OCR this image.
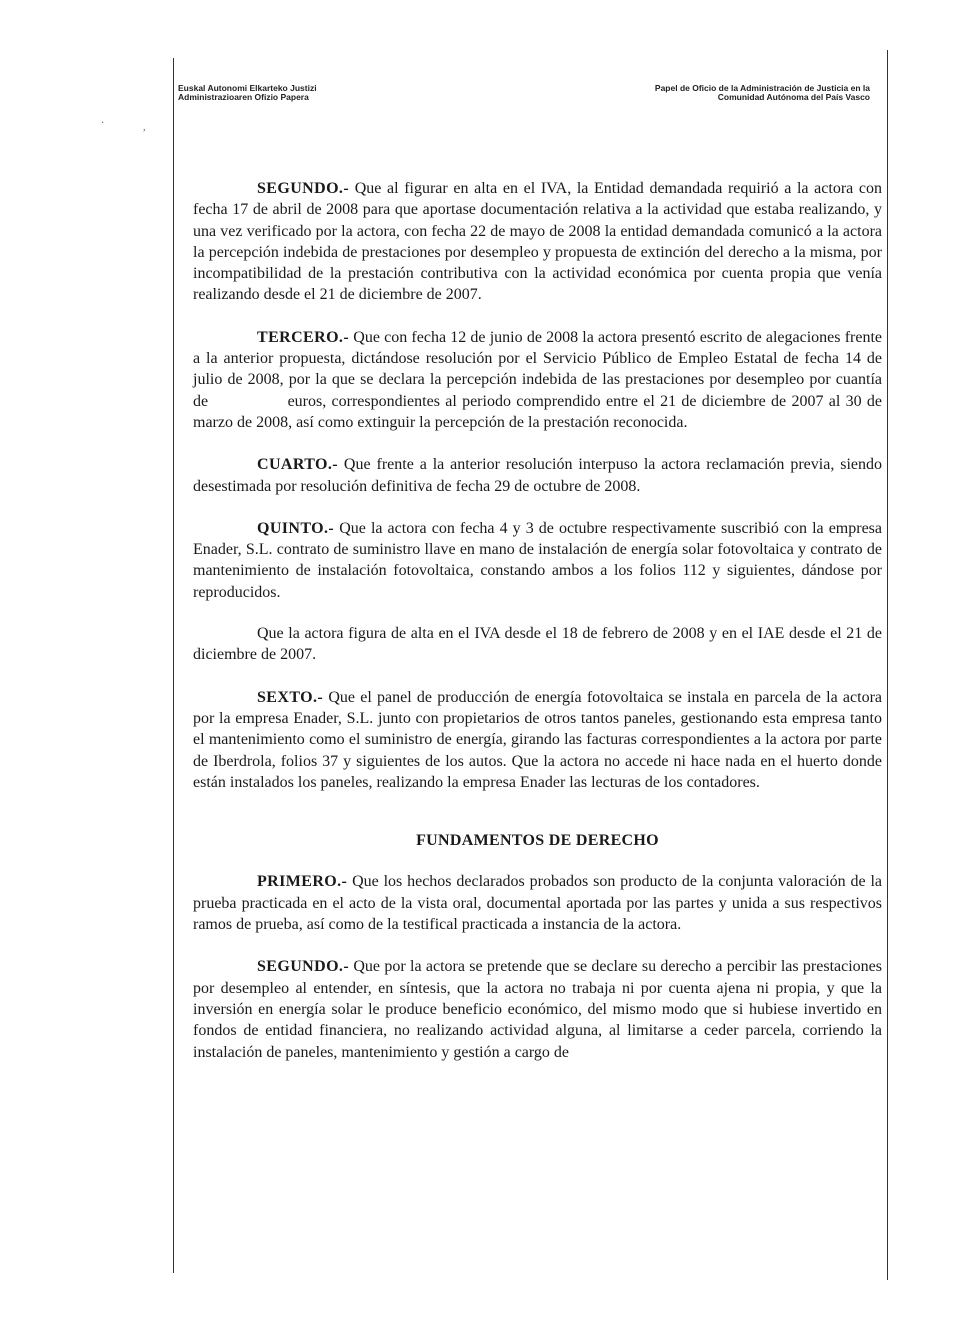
Euskal Autonomi Elkarteko Justizi
Administrazioaren Ofizio Papera
Papel de Oficio de la Administración de Justicia en la
Comunidad Autónoma del País Vasco
·	,

SEGUNDO.- Que al figurar en alta en el IVA, la Entidad demandada requirió a la actora con fecha 17 de abril de 2008 para que aportase documentación relativa a la actividad que estaba realizando, y una vez verificado por la actora, con fecha 22 de mayo de 2008 la entidad demandada comunicó a la actora la percepción indebida de prestaciones por desempleo y propuesta de extinción del derecho a la misma, por incompatibilidad de la prestación contributiva con la actividad económica por cuenta propia que venía realizando desde el 21 de diciembre de 2007.

TERCERO.- Que con fecha 12 de junio de 2008 la actora presentó escrito de alegaciones frente a la anterior propuesta, dictándose resolución por el Servicio Público de Empleo Estatal de fecha 14 de julio de 2008, por la que se declara la percepción indebida de las prestaciones por desempleo por cuantía de               euros, correspondientes al periodo comprendido entre el 21 de diciembre de 2007 al 30 de marzo de 2008, así como extinguir la percepción de la prestación reconocida.

CUARTO.- Que frente a la anterior resolución interpuso la actora reclamación previa, siendo desestimada por resolución definitiva de fecha 29 de octubre de 2008.

QUINTO.- Que la actora con fecha 4 y 3 de octubre respectivamente suscribió con la empresa Enader, S.L. contrato de suministro llave en mano de instalación de energía solar fotovoltaica y contrato de mantenimiento de instalación fotovoltaica, constando ambos a los folios 112 y siguientes, dándose por reproducidos.

Que la actora figura de alta en el IVA desde el 18 de febrero de 2008 y en el IAE desde el 21 de diciembre de 2007.

SEXTO.- Que el panel de producción de energía fotovoltaica se instala en parcela de la actora por la empresa Enader, S.L. junto con propietarios de otros tantos paneles, gestionando esta empresa tanto el mantenimiento como el suministro de energía, girando las facturas correspondientes a la actora por parte de Iberdrola, folios 37 y siguientes de los autos. Que la actora no accede ni hace nada en el huerto donde están instalados los paneles, realizando la empresa Enader las lecturas de los contadores.

FUNDAMENTOS DE DERECHO

PRIMERO.- Que los hechos declarados probados son producto de la conjunta valoración de la prueba practicada en el acto de la vista oral, documental aportada por las partes y unida a sus respectivos ramos de prueba, así como de la testifical practicada a instancia de la actora.

SEGUNDO.- Que por la actora se pretende que se declare su derecho a percibir las prestaciones por desempleo al entender, en síntesis, que la actora no trabaja ni por cuenta ajena ni propia, y que la inversión en energía solar le produce beneficio económico, del mismo modo que si hubiese invertido en fondos de entidad financiera, no realizando actividad alguna, al limitarse a ceder parcela, corriendo la instalación de paneles, mantenimiento y gestión a cargo de
